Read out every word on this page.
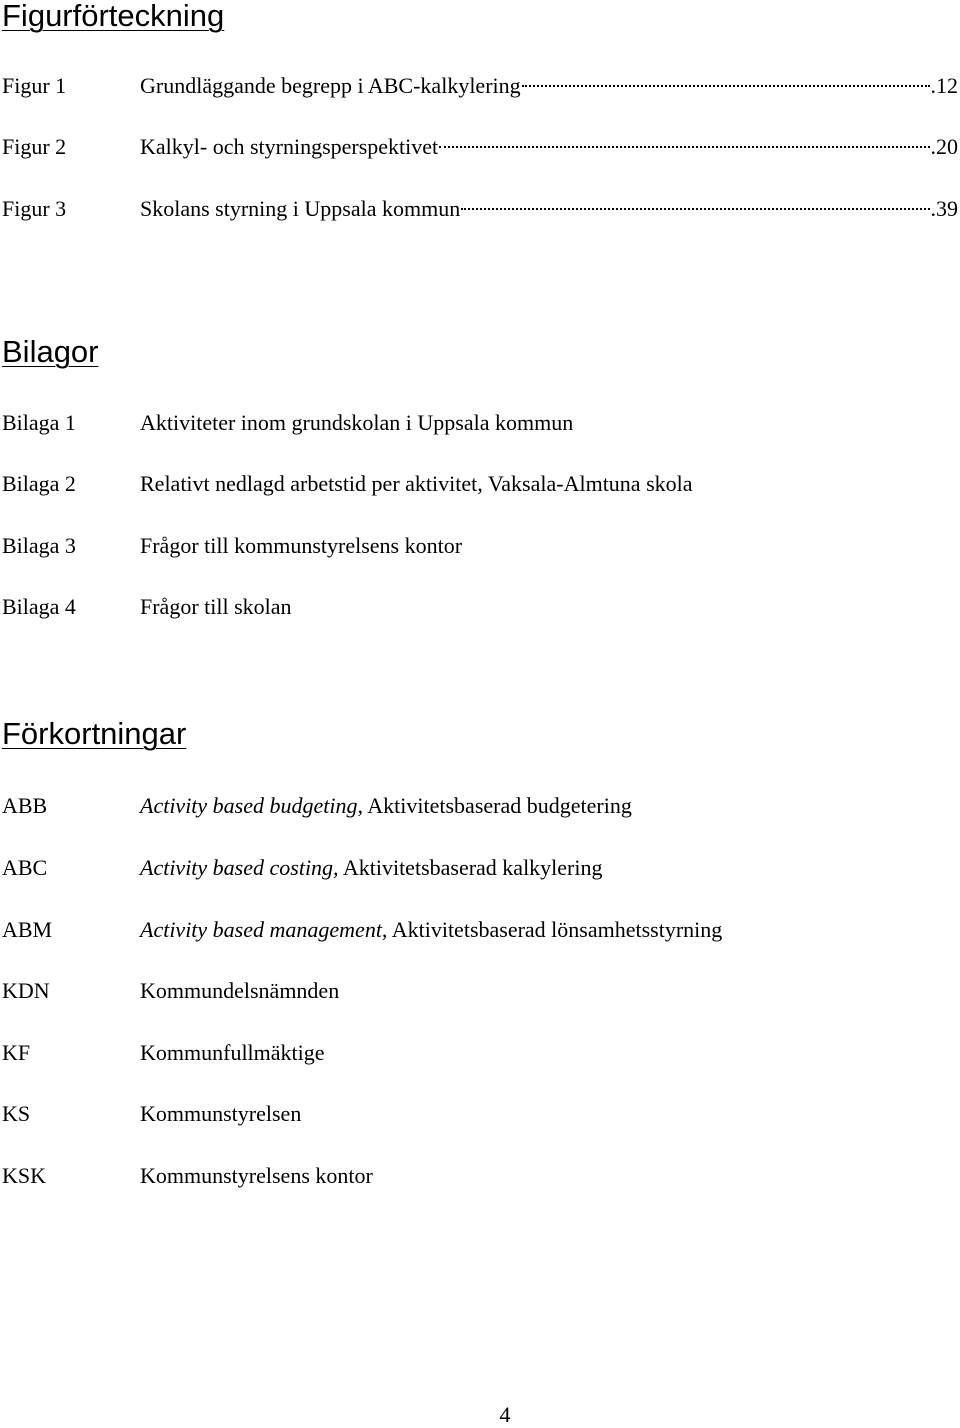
Figurförteckning
Figur 1	Grundläggande begrepp i ABC-kalkylering	.12
Figur 2	Kalkyl- och styrningsperspektivet	.20
Figur 3	Skolans styrning i Uppsala kommun	.39
Bilagor
Bilaga 1	Aktiviteter inom grundskolan i Uppsala kommun
Bilaga 2	Relativt nedlagd arbetstid per aktivitet, Vaksala-Almtuna skola
Bilaga 3	Frågor till kommunstyrelsens kontor
Bilaga 4	Frågor till skolan
Förkortningar
ABB	Activity based budgeting, Aktivitetsbaserad budgetering
ABC	Activity based costing, Aktivitetsbaserad kalkylering
ABM	Activity based management, Aktivitetsbaserad lönsamhetsstyrning
KDN	Kommundelsnämnden
KF	Kommunfullmäktige
KS	Kommunstyrelsen
KSK	Kommunstyrelsens kontor
4
